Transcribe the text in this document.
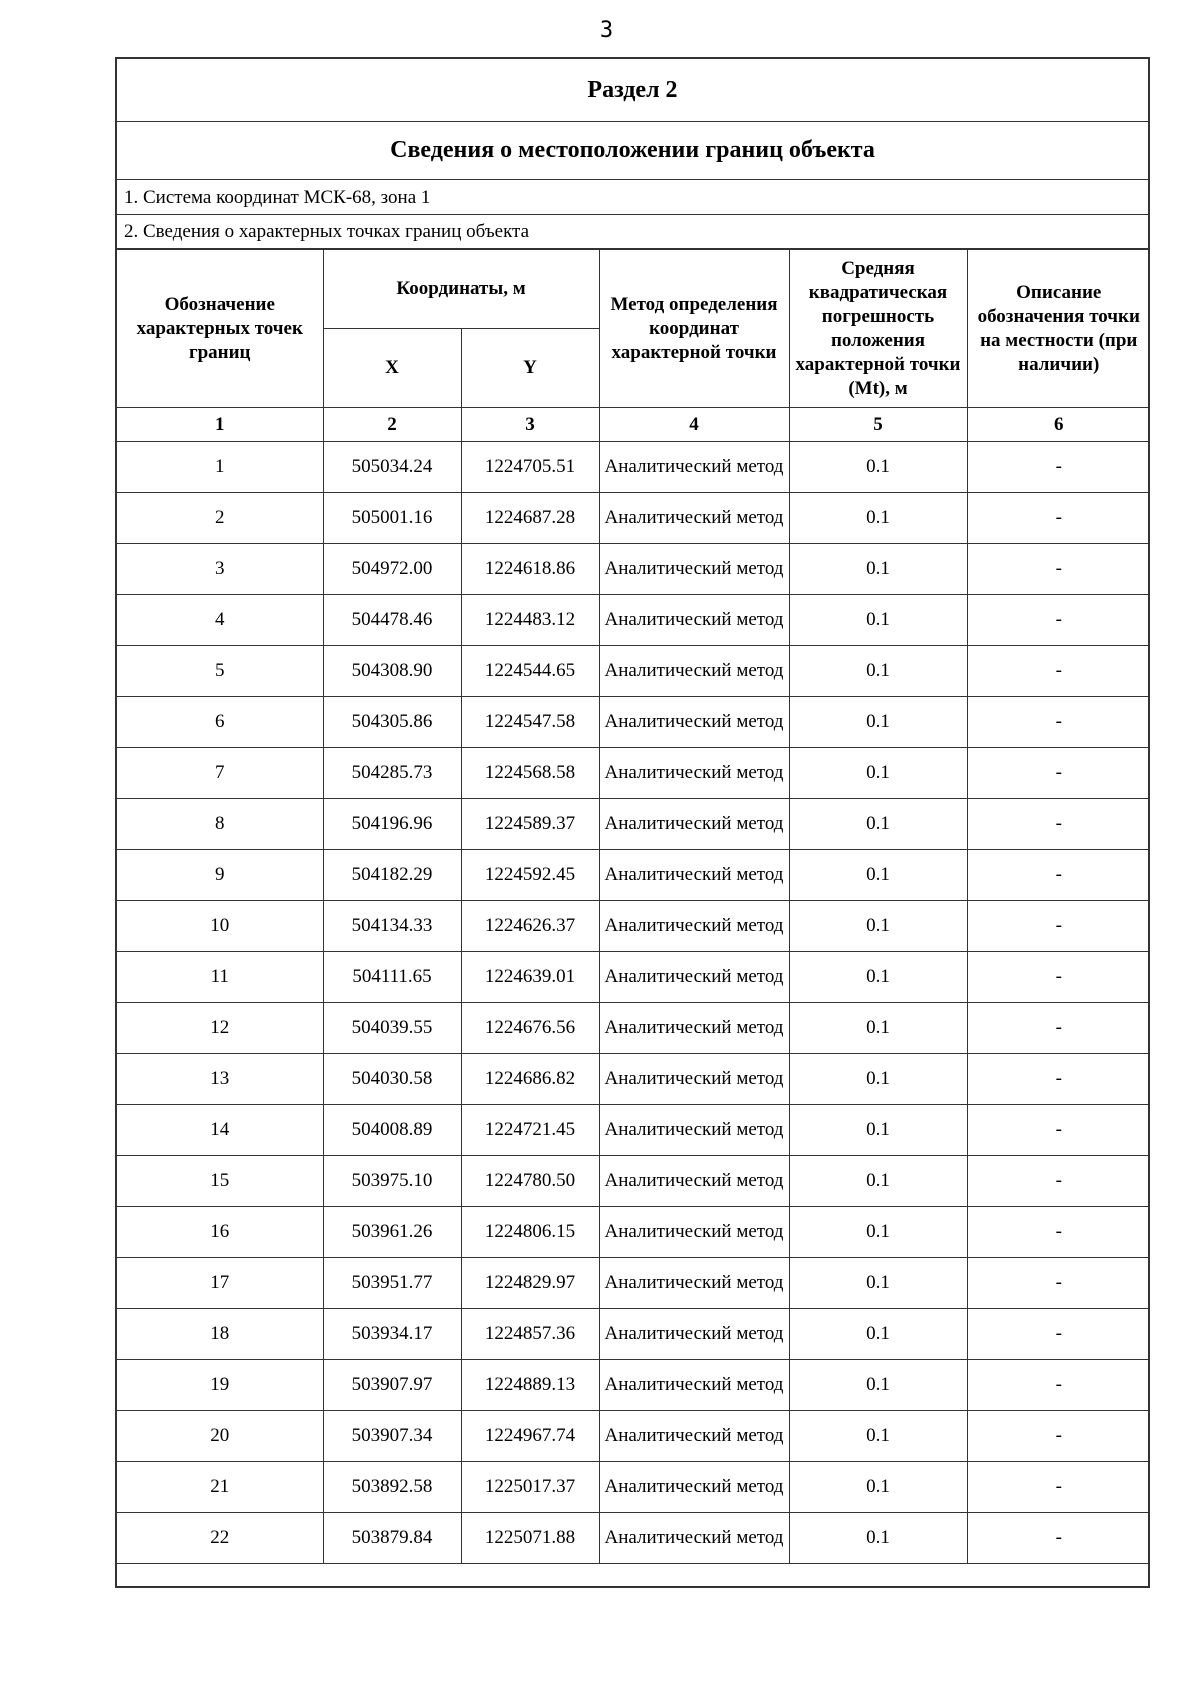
3
Раздел 2
Сведения о местоположении границ объекта
1. Система координат МСК-68, зона 1
2. Сведения о характерных точках границ объекта
Обозначение характерных точек границ	Координаты, м		Метод определения координат характерной точки	Средняя квадратическая погрешность положения характерной точки (Mt), м	Описание обозначения точки на местности (при наличии)
	X	Y			
1	2	3	4	5	6
1	505034.24	1224705.51	Аналитический метод	0.1	-
2	505001.16	1224687.28	Аналитический метод	0.1	-
3	504972.00	1224618.86	Аналитический метод	0.1	-
4	504478.46	1224483.12	Аналитический метод	0.1	-
5	504308.90	1224544.65	Аналитический метод	0.1	-
6	504305.86	1224547.58	Аналитический метод	0.1	-
7	504285.73	1224568.58	Аналитический метод	0.1	-
8	504196.96	1224589.37	Аналитический метод	0.1	-
9	504182.29	1224592.45	Аналитический метод	0.1	-
10	504134.33	1224626.37	Аналитический метод	0.1	-
11	504111.65	1224639.01	Аналитический метод	0.1	-
12	504039.55	1224676.56	Аналитический метод	0.1	-
13	504030.58	1224686.82	Аналитический метод	0.1	-
14	504008.89	1224721.45	Аналитический метод	0.1	-
15	503975.10	1224780.50	Аналитический метод	0.1	-
16	503961.26	1224806.15	Аналитический метод	0.1	-
17	503951.77	1224829.97	Аналитический метод	0.1	-
18	503934.17	1224857.36	Аналитический метод	0.1	-
19	503907.97	1224889.13	Аналитический метод	0.1	-
20	503907.34	1224967.74	Аналитический метод	0.1	-
21	503892.58	1225017.37	Аналитический метод	0.1	-
22	503879.84	1225071.88	Аналитический метод	0.1	-
